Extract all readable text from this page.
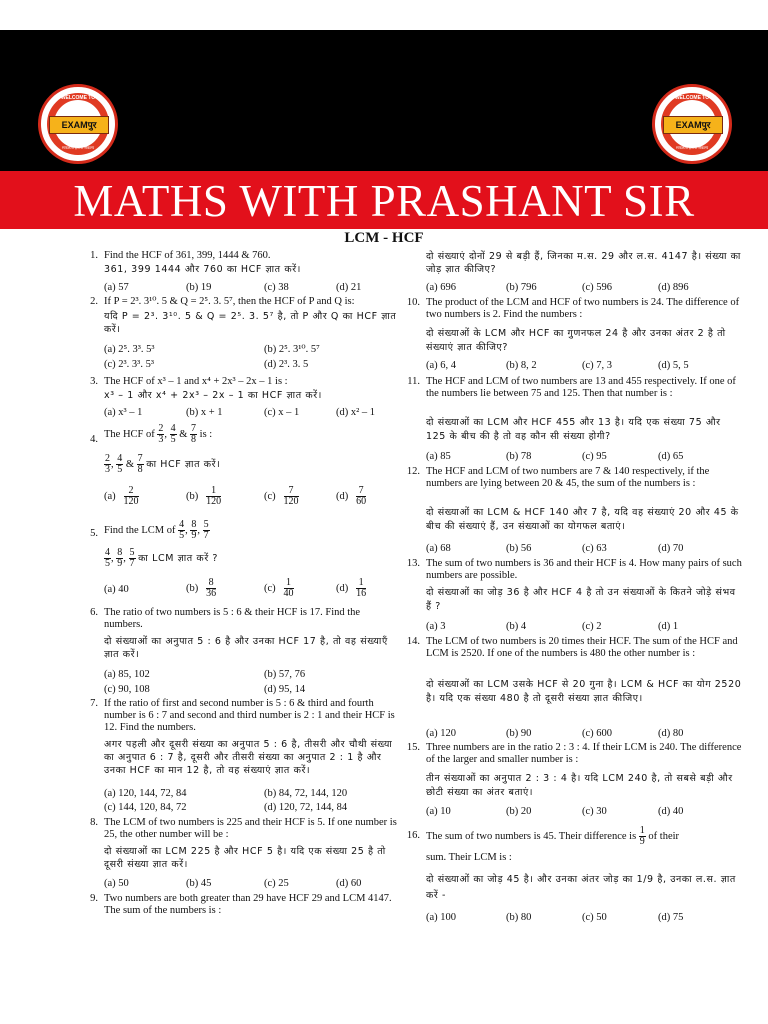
WELCOME TO
EXAMपुर
सफलता हमारा संकल्प
WELCOME TO
EXAMपुर
सफलता हमारा संकल्प
MATHS WITH PRASHANT SIR
LCM - HCF
1. Find the HCF of 361, 399, 1444 & 760.
361, 399 1444 और 760 का HCF ज्ञात करें।
(a) 57	(b) 19	(c) 38	(d) 21
2. If P = 2³. 3¹⁰. 5 & Q = 2⁵. 3. 5⁷, then the HCF of P and Q is:
यदि P = 2³. 3¹⁰. 5 & Q = 2⁵. 3. 5⁷ है, तो P और Q का HCF ज्ञात करें।
(a) 2⁵. 3³. 5³	(b) 2⁵. 3¹⁰. 5⁷
(c) 2³. 3³. 5³	(d) 2³. 3. 5
3. The HCF of x³ – 1 and x⁴ + 2x³ – 2x – 1 is :
x³ – 1 और x⁴ + 2x³ – 2x – 1 का HCF ज्ञात करें।
(a) x³ – 1	(b) x + 1	(c) x – 1	(d) x² – 1
4. The HCF of $\frac{2}{3}$ , $\frac{4}{5}$ & $\frac{7}{8}$ is :
$\frac{2}{3}$ , $\frac{4}{5}$ & $\frac{7}{8}$ का HCF ज्ञात करें।
$(a) \frac{2}{120}$	$(b) \frac{1}{120}$	$(c) \frac{7}{120}$	$(d) \frac{7}{60}$
5. Find the LCM of $\frac{4}{5}$ , $\frac{8}{9}$ , $\frac{5}{7}$
$\frac{4}{5}$ , $\frac{8}{9}$ , $\frac{5}{7}$ का LCM ज्ञात करें ?
(a) 40	$(b) \frac{8}{36}$	$(c) \frac{1}{40}$	$(d) \frac{1}{16}$
6. The ratio of two numbers is 5 : 6 & their HCF is 17. Find the numbers.
दो संख्याओं का अनुपात 5 : 6 है और उनका HCF 17 है, तो वह संख्याएँ ज्ञात करें।
(a) 85, 102	(b) 57, 76
(c) 90, 108	(d) 95, 14
7. If the ratio of first and second number is 5 : 6 & third and fourth number is 6 : 7 and second and third number is 2 : 1 and their HCF is 12. Find the numbers.
अगर पहली और दूसरी संख्या का अनुपात 5 : 6 है, तीसरी और चौथी संख्या का अनुपात 6 : 7 है, दूसरी और तीसरी संख्या का अनुपात 2 : 1 है और उनका HCF का मान 12 है, तो वह संख्याएं ज्ञात करें।
(a) 120, 144, 72, 84	(b) 84, 72, 144, 120
(c) 144, 120, 84, 72	(d) 120, 72, 144, 84
8. The LCM of two numbers is 225 and their HCF is 5. If one number is 25, the other number will be :
दो संख्याओं का LCM 225 है और HCF 5 है। यदि एक संख्या 25 है तो दूसरी संख्या ज्ञात करें।
(a) 50	(b) 45	(c) 25	(d) 60
9. Two numbers are both greater than 29 have HCF 29 and LCM 4147. The sum of the numbers is :
दो संख्याएं दोनों 29 से बड़ी हैं, जिनका म.स. 29 और ल.स. 4147 है। संख्या का जोड़ ज्ञात कीजिए?
(a) 696	(b) 796	(c) 596	(d) 896
10. The product of the LCM and HCF of two numbers is 24. The difference of two numbers is 2. Find the numbers :
दो संख्याओं के LCM और HCF का गुणनफल 24 है और उनका अंतर 2 है तो संख्याएं ज्ञात कीजिए?
(a) 6, 4	(b) 8, 2	(c) 7, 3	(d) 5, 5
11. The HCF and LCM of two numbers are 13 and 455 respectively. If one of the numbers lie between 75 and 125. Then that number is :
दो संख्याओं का LCM और HCF 455 और 13 है। यदि एक संख्या 75 और 125 के बीच की है तो वह कौन सी संख्या होगी?
(a) 85	(b) 78	(c) 95	(d) 65
12. The HCF and LCM of two numbers are 7 & 140 respectively, if the numbers are lying between 20 & 45, the sum of the numbers is :
दो संख्याओं का LCM & HCF 140 और 7 है, यदि वह संख्याएं 20 और 45 के बीच की संख्याएं हैं, उन संख्याओं का योगफल बताएं।
(a) 68	(b) 56	(c) 63	(d) 70
13. The sum of two numbers is 36 and their HCF is 4. How many pairs of such numbers are possible.
दो संख्याओं का जोड़ 36 है और HCF 4 है तो उन संख्याओं के कितने जोड़े संभव हैं ?
(a) 3	(b) 4	(c) 2	(d) 1
14. The LCM of two numbers is 20 times their HCF. The sum of the HCF and LCM is 2520. If one of the numbers is 480 the other number is :
दो संख्याओं का LCM उसके HCF से 20 गुना है। LCM & HCF का योग 2520 है। यदि एक संख्या 480 है तो दूसरी संख्या ज्ञात कीजिए।
(a) 120	(b) 90	(c) 600	(d) 80
15. Three numbers are in the ratio 2 : 3 : 4. If their LCM is 240. The difference of the larger and smaller number is :
तीन संख्याओं का अनुपात 2 : 3 : 4 है। यदि LCM 240 है, तो सबसे बड़ी और छोटी संख्या का अंतर बताएं।
(a) 10	(b) 20	(c) 30	(d) 40
16. The sum of two numbers is 45. Their difference is $\frac{1}{9}$ of their
sum. Their LCM is :
दो संख्याओं का जोड़ 45 है। और उनका अंतर जोड़ का 1/9 है, उनका ल.स. ज्ञात करें -
(a) 100	(b) 80	(c) 50	(d) 75
